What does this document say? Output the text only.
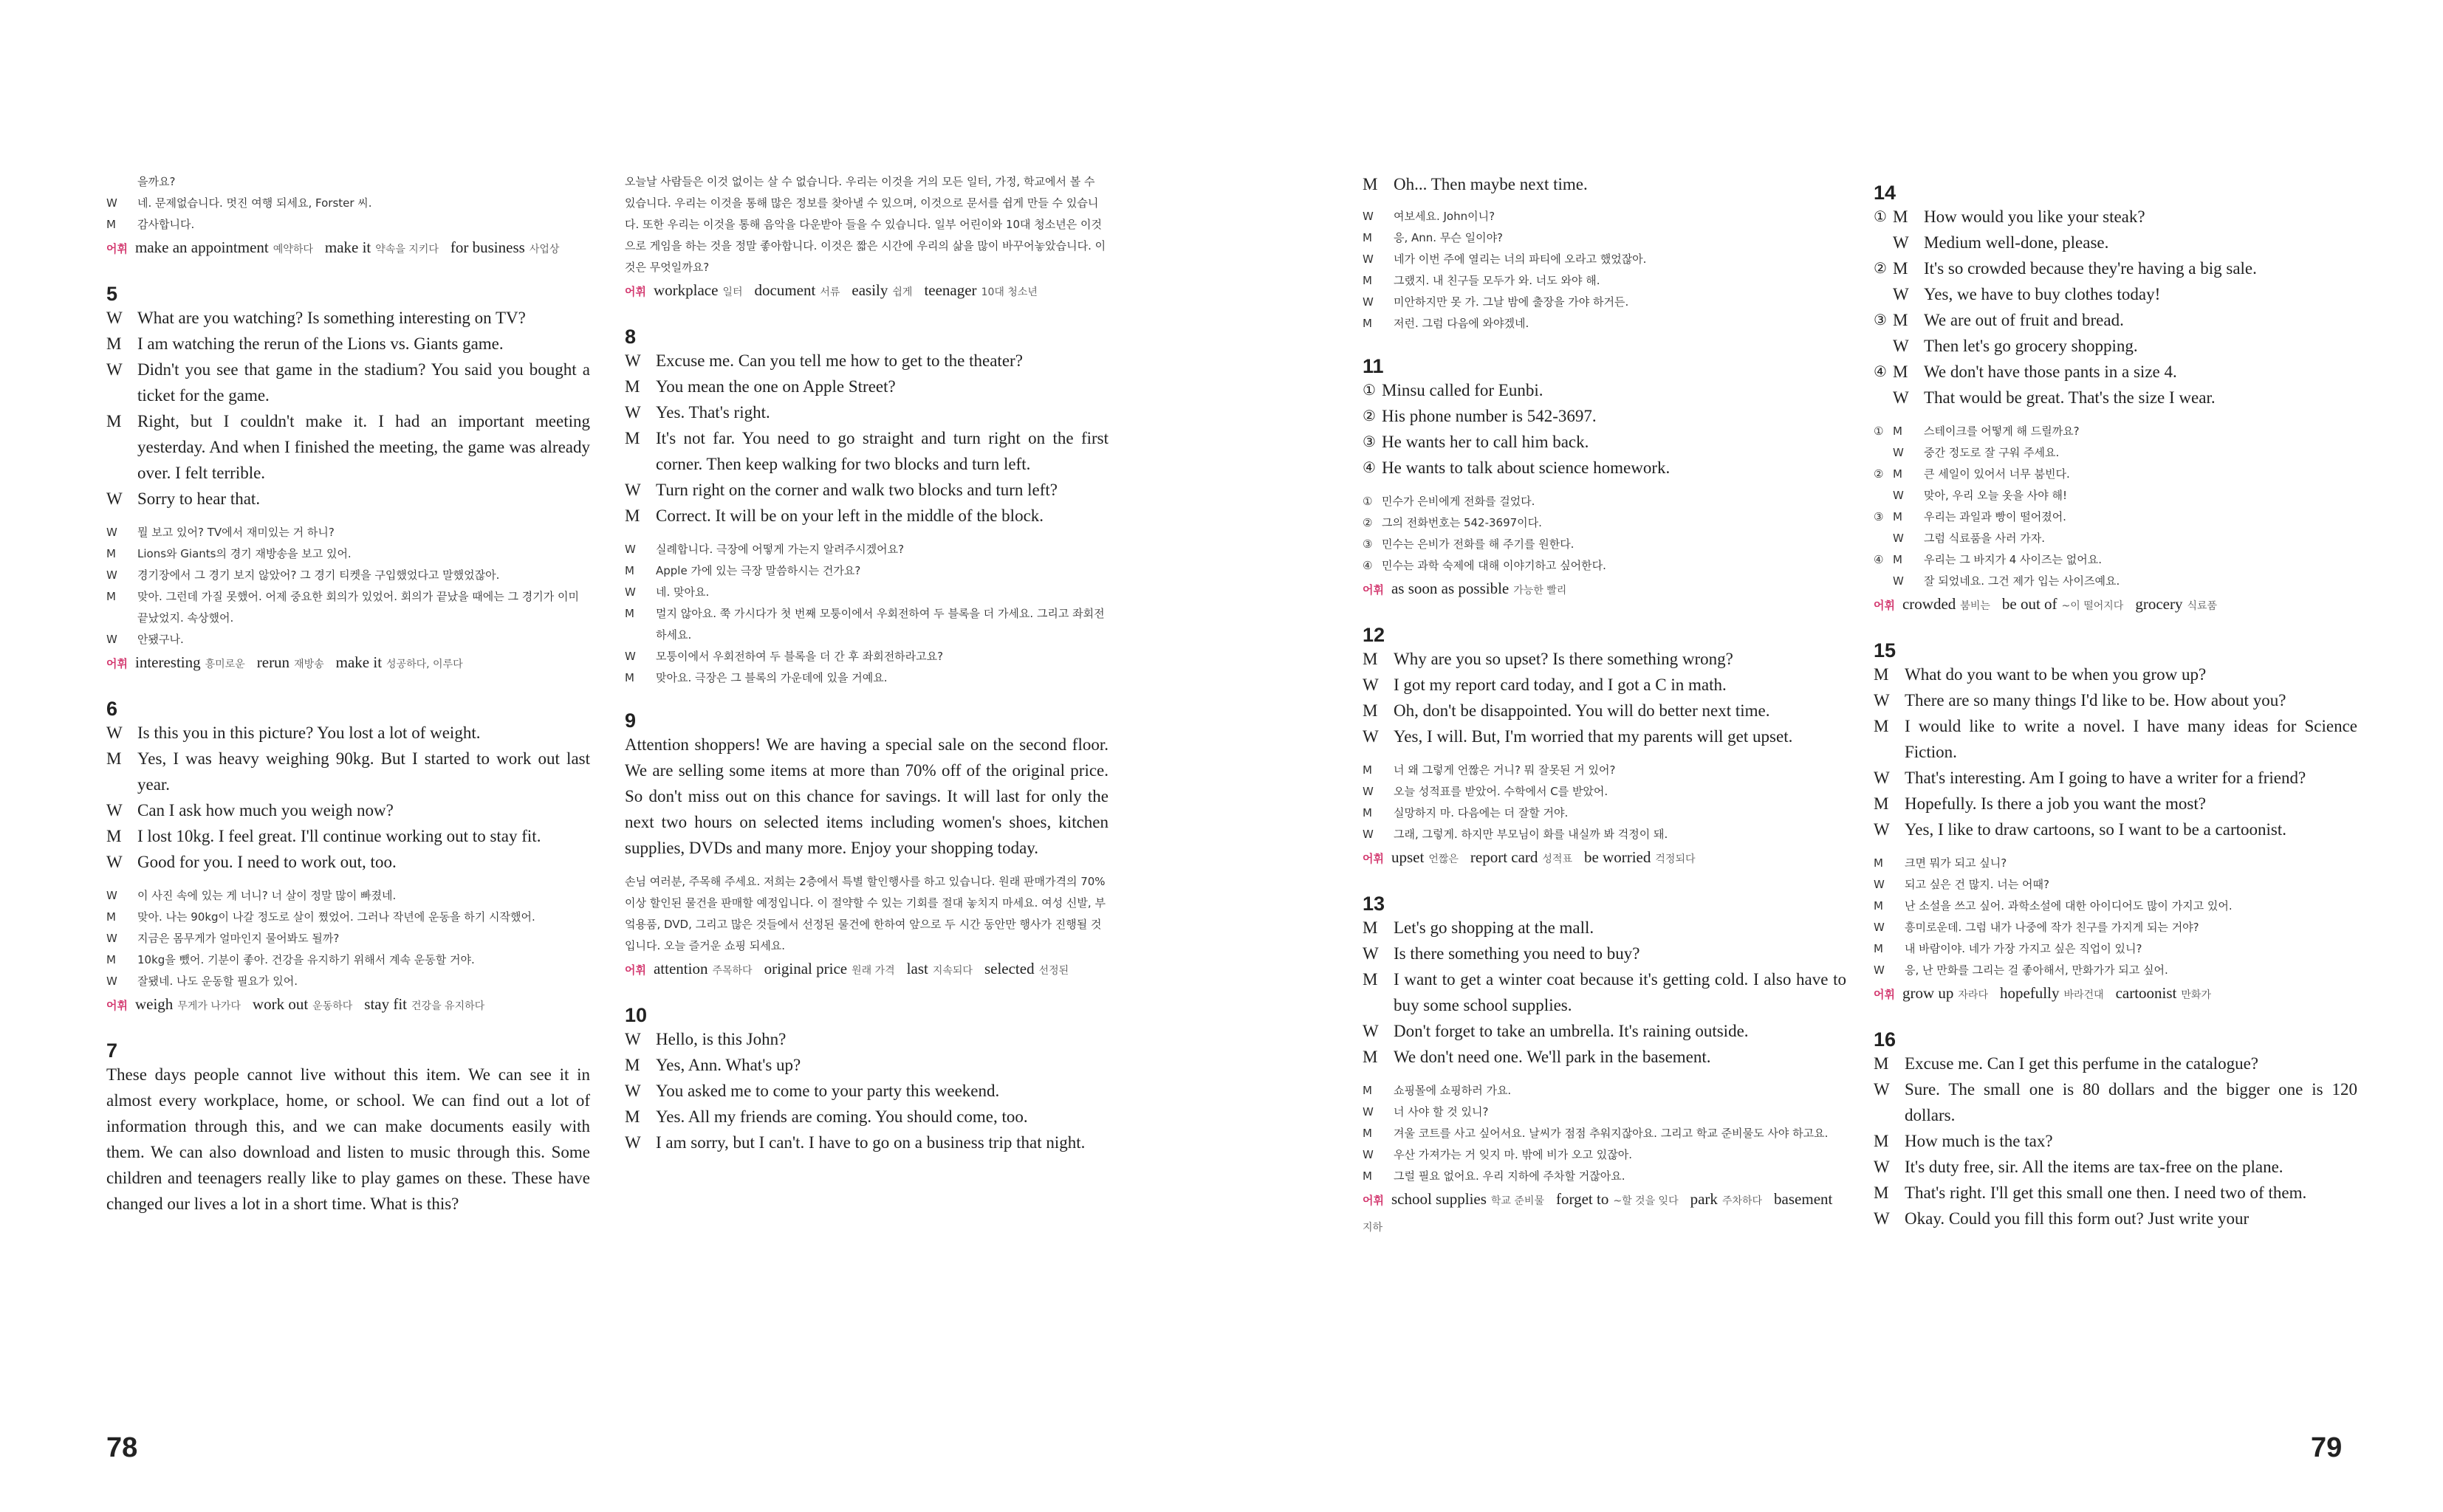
을까요?
W	네. 문제없습니다. 멋진 여행 되세요, Forster 씨.
M	감사합니다.
어휘 make an appointment 예약하다 make it 약속을 지키다 for business 사업상
5
W What are you watching? Is something interesting on TV?
M I am watching the rerun of the Lions vs. Giants game.
W Didn't you see that game in the stadium? You said you bought a ticket for the game.
M Right, but I couldn't make it. I had an important meeting yesterday. And when I finished the meeting, the game was already over. I felt terrible.
W Sorry to hear that.
W	뭘 보고 있어? TV에서 재미있는 거 하니?
M	Lions와 Giants의 경기 재방송을 보고 있어.
W	경기장에서 그 경기 보지 않았어? 그 경기 티켓을 구입했었다고 말했었잖아.
M	맞아. 그런데 가질 못했어. 어제 중요한 회의가 있었어. 회의가 끝났을 때에는 그 경기가 이미 끝났었지. 속상했어.
W	안됐구나.
어휘 interesting 흥미로운 rerun 재방송 make it 성공하다, 이루다
6
W Is this you in this picture? You lost a lot of weight.
M Yes, I was heavy weighing 90kg. But I started to work out last year.
W Can I ask how much you weigh now?
M I lost 10kg. I feel great. I'll continue working out to stay fit.
W Good for you. I need to work out, too.
W	이 사진 속에 있는 게 너니? 너 살이 정말 많이 빠졌네.
M	맞아. 나는 90kg이 나갈 정도로 살이 쪘었어. 그러나 작년에 운동을 하기 시작했어.
W	지금은 몸무게가 얼마인지 물어봐도 될까?
M	10kg을 뺐어. 기분이 좋아. 건강을 유지하기 위해서 계속 운동할 거야.
W	잘됐네. 나도 운동할 필요가 있어.
어휘 weigh 무게가 나가다 work out 운동하다 stay fit 건강을 유지하다
7
These days people cannot live without this item. We can see it in almost every workplace, home, or school. We can find out a lot of information through this, and we can make documents easily with them. We can also download and listen to music through this. Some children and teenagers really like to play games on these. These have changed our lives a lot in a short time. What is this?
오늘날 사람들은 이것 없이는 살 수 없습니다. 우리는 이것을 거의 모든 일터, 가정, 학교에서 볼 수 있습니다. 우리는 이것을 통해 많은 정보를 찾아낼 수 있으며, 이것으로 문서를 쉽게 만들 수 있습니다. 또한 우리는 이것을 통해 음악을 다운받아 들을 수 있습니다. 일부 어린이와 10대 청소년은 이것으로 게임을 하는 것을 정말 좋아합니다. 이것은 짧은 시간에 우리의 삶을 많이 바꾸어놓았습니다. 이것은 무엇일까요?
어휘 workplace 일터 document 서류 easily 쉽게 teenager 10대 청소년
8
W Excuse me. Can you tell me how to get to the theater?
M You mean the one on Apple Street?
W Yes. That's right.
M It's not far. You need to go straight and turn right on the first corner. Then keep walking for two blocks and turn left.
W Turn right on the corner and walk two blocks and turn left?
M Correct. It will be on your left in the middle of the block.
W	실례합니다. 극장에 어떻게 가는지 알려주시겠어요?
M	Apple 가에 있는 극장 말씀하시는 건가요?
W	네. 맞아요.
M	멀지 않아요. 쭉 가시다가 첫 번째 모퉁이에서 우회전하여 두 블록을 더 가세요. 그리고 좌회전하세요.
W	모퉁이에서 우회전하여 두 블록을 더 간 후 좌회전하라고요?
M	맞아요. 극장은 그 블록의 가운데에 있을 거예요.
9
Attention shoppers! We are having a special sale on the second floor. We are selling some items at more than 70% off of the original price. So don't miss out on this chance for savings. It will last for only the next two hours on selected items including women's shoes, kitchen supplies, DVDs and many more. Enjoy your shopping today.
손님 여러분, 주목해 주세요. 저희는 2층에서 특별 할인행사를 하고 있습니다. 원래 판매가격의 70% 이상 할인된 물건을 판매할 예정입니다. 이 절약할 수 있는 기회를 절대 놓치지 마세요. 여성 신발, 부엌용품, DVD, 그리고 많은 것들에서 선정된 물건에 한하여 앞으로 두 시간 동안만 행사가 진행될 것입니다. 오늘 즐거운 쇼핑 되세요.
어휘 attention 주목하다 original price 원래 가격 last 지속되다 selected 선정된
10
W Hello, is this John?
M Yes, Ann. What's up?
W You asked me to come to your party this weekend.
M Yes. All my friends are coming. You should come, too.
W I am sorry, but I can't. I have to go on a business trip that night.
78
M Oh... Then maybe next time.
W	여보세요. John이니?
M	응, Ann. 무슨 일이야?
W	네가 이번 주에 열리는 너의 파티에 오라고 했었잖아.
M	그랬지. 내 친구들 모두가 와. 너도 와야 해.
W	미안하지만 못 가. 그날 밤에 출장을 가야 하거든.
M	저런. 그럼 다음에 와야겠네.
11
① Minsu called for Eunbi.
② His phone number is 542-3697.
③ He wants her to call him back.
④ He wants to talk about science homework.
① 민수가 은비에게 전화를 걸었다.
② 그의 전화번호는 542-3697이다.
③ 민수는 은비가 전화를 해 주기를 원한다.
④ 민수는 과학 숙제에 대해 이야기하고 싶어한다.
어휘 as soon as possible 가능한 빨리
12
M Why are you so upset? Is there something wrong?
W I got my report card today, and I got a C in math.
M Oh, don't be disappointed. You will do better next time.
W Yes, I will. But, I'm worried that my parents will get upset.
M	너 왜 그렇게 언짢은 거니? 뭐 잘못된 거 있어?
W	오늘 성적표를 받았어. 수학에서 C를 받았어.
M	실망하지 마. 다음에는 더 잘할 거야.
W	그래, 그렇게. 하지만 부모님이 화를 내실까 봐 걱정이 돼.
어휘 upset 언짢은 report card 성적표 be worried 걱정되다
13
M Let's go shopping at the mall.
W Is there something you need to buy?
M I want to get a winter coat because it's getting cold. I also have to buy some school supplies.
W Don't forget to take an umbrella. It's raining outside.
M We don't need one. We'll park in the basement.
M	쇼핑몰에 쇼핑하러 가요.
W	너 사야 할 것 있니?
M	겨울 코트를 사고 싶어서요. 날씨가 점점 추워지잖아요. 그리고 학교 준비물도 사야 하고요.
W	우산 가져가는 거 잊지 마. 밖에 비가 오고 있잖아.
M	그럴 필요 없어요. 우리 지하에 주차할 거잖아요.
어휘 school supplies 학교 준비물 forget to ~할 것을 잊다 park 주차하다 basement지하
14
① M How would you like your steak?
W Medium well-done, please.
② M It's so crowded because they're having a big sale.
W Yes, we have to buy clothes today!
③ M We are out of fruit and bread.
W Then let's go grocery shopping.
④ M We don't have those pants in a size 4.
W That would be great. That's the size I wear.
① M	스테이크를 어떻게 해 드릴까요?
W	중간 정도로 잘 구워 주세요.
② M	큰 세일이 있어서 너무 붐빈다.
W	맞아, 우리 오늘 옷을 사야 해!
③ M	우리는 과일과 빵이 떨어졌어.
W	그럼 식료품을 사러 가자.
④ M	우리는 그 바지가 4 사이즈는 없어요.
W	잘 되었네요. 그건 제가 입는 사이즈예요.
어휘 crowded 붐비는 be out of ~이 떨어지다 grocery 식료품
15
M What do you want to be when you grow up?
W There are so many things I'd like to be. How about you?
M I would like to write a novel. I have many ideas for Science Fiction.
W That's interesting. Am I going to have a writer for a friend?
M Hopefully. Is there a job you want the most?
W Yes, I like to draw cartoons, so I want to be a cartoonist.
M	크면 뭐가 되고 싶니?
W	되고 싶은 건 많지. 너는 어때?
M	난 소설을 쓰고 싶어. 과학소설에 대한 아이디어도 많이 가지고 있어.
W	흥미로운데. 그럼 내가 나중에 작가 친구를 가지게 되는 거야?
M	내 바람이야. 네가 가장 가지고 싶은 직업이 있니?
W	응, 난 만화를 그리는 걸 좋아해서, 만화가가 되고 싶어.
어휘 grow up 자라다 hopefully 바라건대 cartoonist 만화가
16
M Excuse me. Can I get this perfume in the catalogue?
W Sure. The small one is 80 dollars and the bigger one is 120 dollars.
M How much is the tax?
W It's duty free, sir. All the items are tax-free on the plane.
M That's right. I'll get this small one then. I need two of them.
W Okay. Could you fill this form out? Just write your
79
